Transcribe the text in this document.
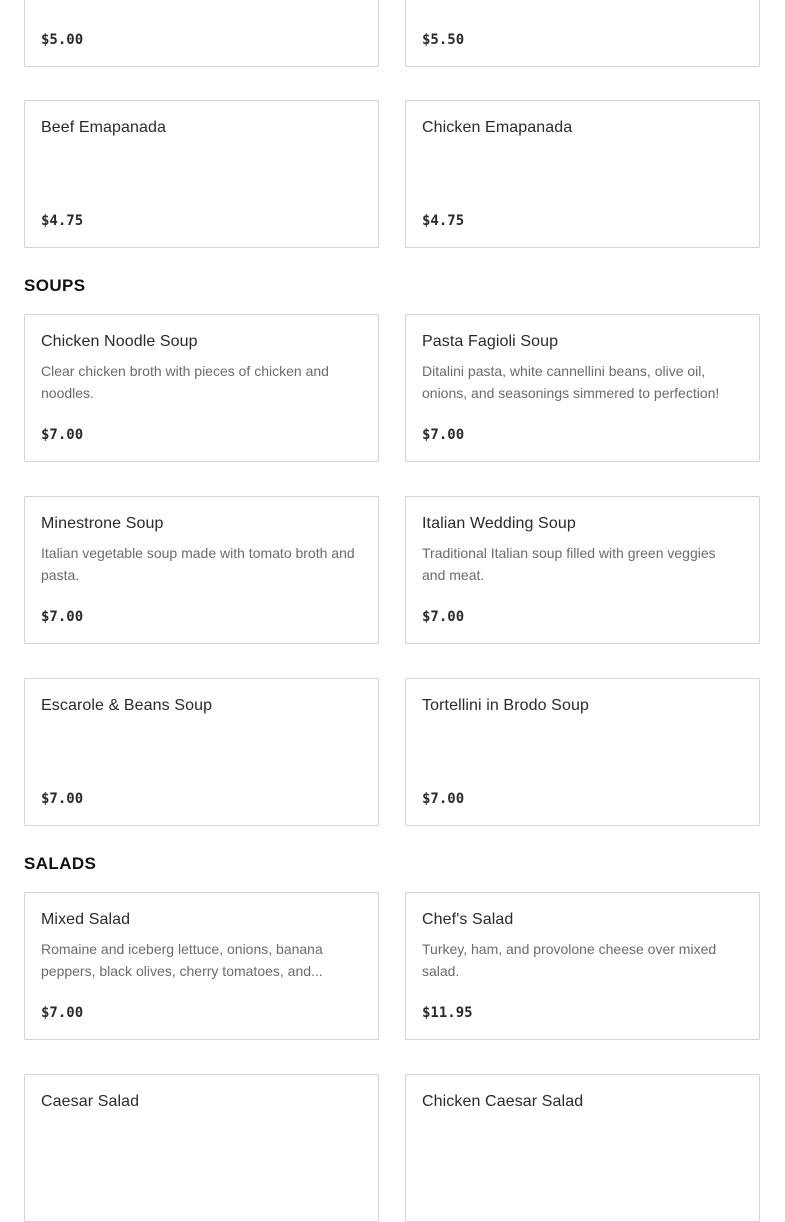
$5.00	$5.50
Beef Emapanada
$4.75
Chicken Emapanada
$4.75
SOUPS
Chicken Noodle Soup
Clear chicken broth with pieces of chicken and noodles.
$7.00
Pasta Fagioli Soup
Ditalini pasta, white cannellini beans, olive oil, onions, and seasonings simmered to perfection!
$7.00
Minestrone Soup
Italian vegetable soup made with tomato broth and pasta.
$7.00
Italian Wedding Soup
Traditional Italian soup filled with green veggies and meat.
$7.00
Escarole & Beans Soup
$7.00
Tortellini in Brodo Soup
$7.00
SALADS
Mixed Salad
Romaine and iceberg lettuce, onions, banana peppers, black olives, cherry tomatoes, and...
$7.00
Chef's Salad
Turkey, ham, and provolone cheese over mixed salad.
$11.95
Caesar Salad	Chicken Caesar Salad
